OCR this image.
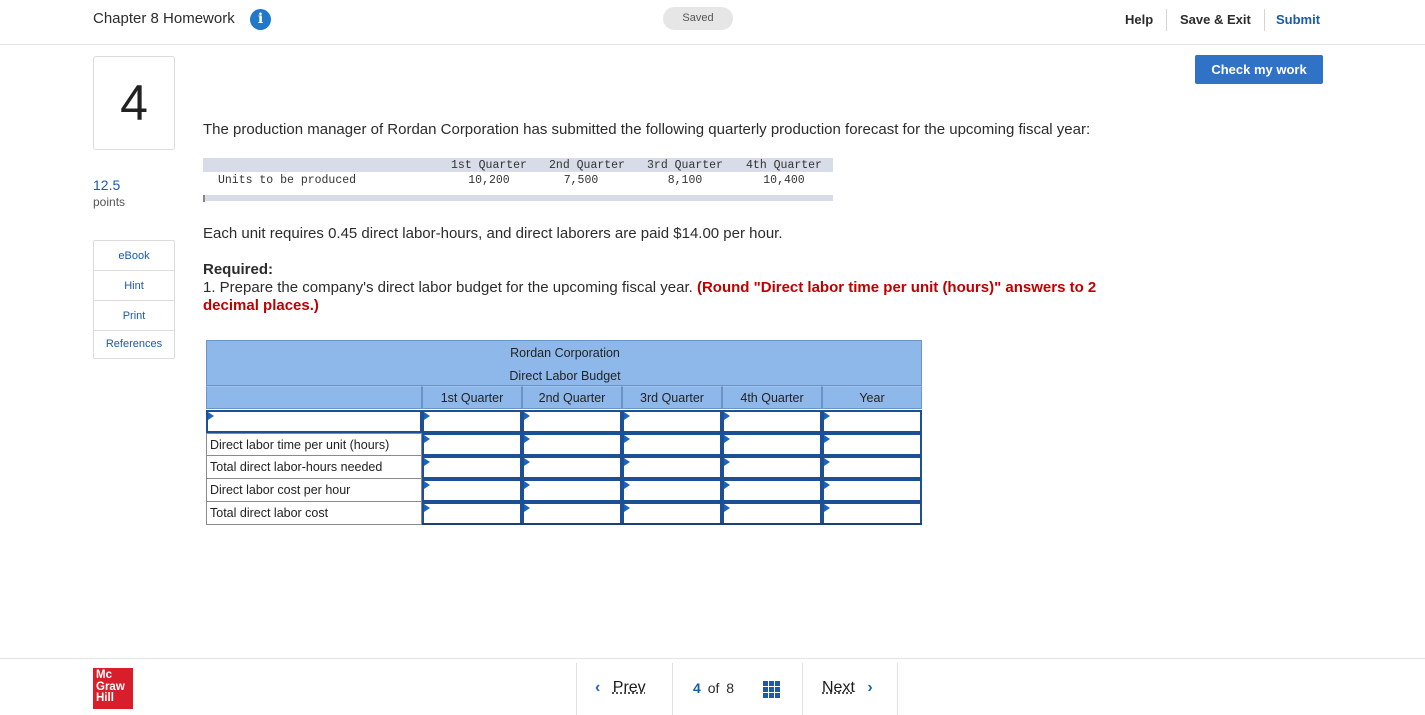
Chapter 8 Homework	i	Saved	Help Save & Exit Submit
4
12.5
points
eBook
Hint
Print
References
Check my work
The production manager of Rordan Corporation has submitted the following quarterly production forecast for the upcoming fiscal year:
1st Quarter	2nd Quarter	3rd Quarter	4th Quarter
Units to be produced	10,200	7,500	8,100	10,400
Each unit requires 0.45 direct labor-hours, and direct laborers are paid $14.00 per hour.
Required:
1. Prepare the company's direct labor budget for the upcoming fiscal year. (Round "Direct labor time per unit (hours)" answers to 2 decimal places.)
Rordan Corporation
Direct Labor Budget
1st Quarter	2nd Quarter	3rd Quarter	4th Quarter	Year
Direct labor time per unit (hours)
Total direct labor-hours needed
Direct labor cost per hour
Total direct labor cost
Mc
Graw
Hill
‹ Prev	4 of 8	Next ›
